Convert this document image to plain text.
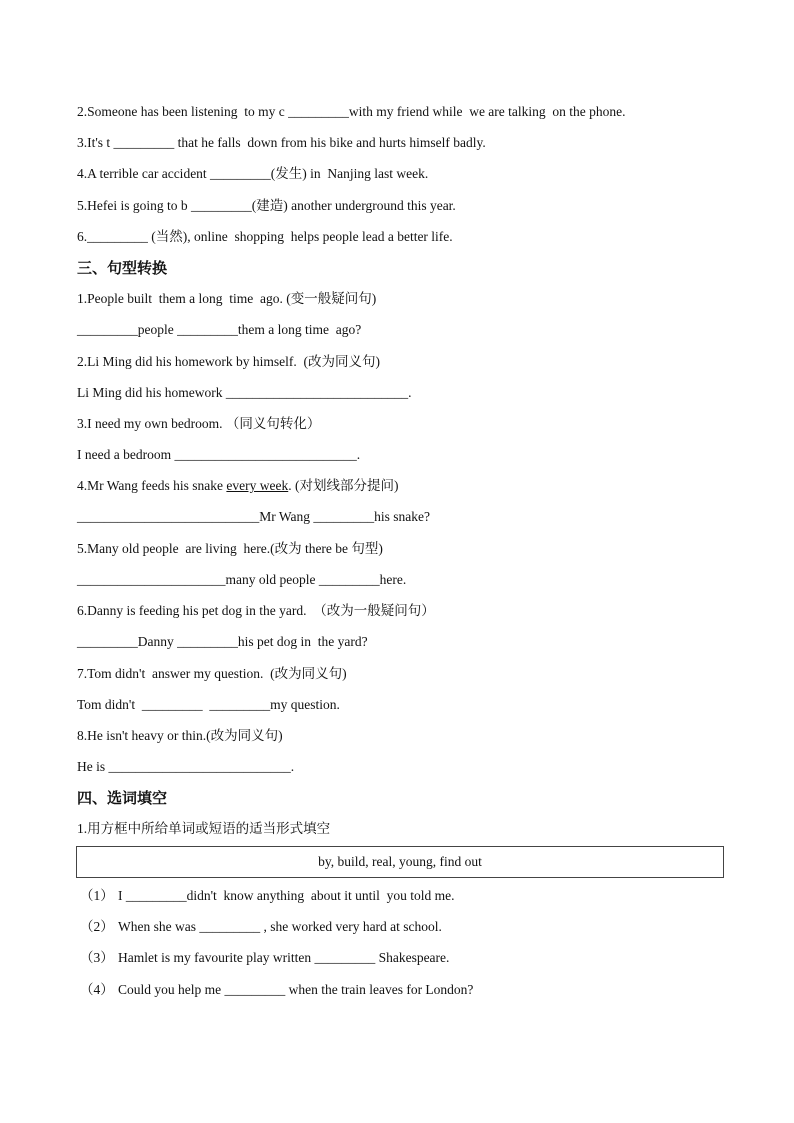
2.Someone has been listening  to my c _________with my friend while  we are talking  on the phone.
3.It's t _________ that he falls  down from his bike and hurts himself badly.
4.A terrible car accident _________(发生) in  Nanjing last week.
5.Hefei is going to b _________(建造) another underground this year.
6._________ (当然), online  shopping  helps people lead a better life.
三、句型转换
1.People built  them a long  time  ago. (变一般疑问句)
_________people _________them a long time  ago?
2.Li Ming did his homework by himself.  (改为同义句)
Li Ming did his homework ___________________________.
3.I need my own bedroom. （同义句转化）
I need a bedroom ___________________________.
4.Mr Wang feeds his snake every week. (对划线部分提问)
___________________________Mr Wang _________his snake?
5.Many old people  are living  here.(改为 there be 句型)
______________________many old people _________here.
6.Danny is feeding his pet dog in the yard.  （改为一般疑问句）
_________Danny _________his pet dog in  the yard?
7.Tom didn't  answer my question.  (改为同义句)
Tom didn't  _________  _________my question.
8.He isn't heavy or thin.(改为同义句)
He is ___________________________.
四、选词填空
1.用方框中所给单词或短语的适当形式填空
by, build, real, young, find out
（1） I _________didn't  know anything  about it until  you told me.
（2） When she was _________ , she worked very hard at school.
（3） Hamlet is my favourite play written _________ Shakespeare.
（4） Could you help me _________ when the train leaves for London?
